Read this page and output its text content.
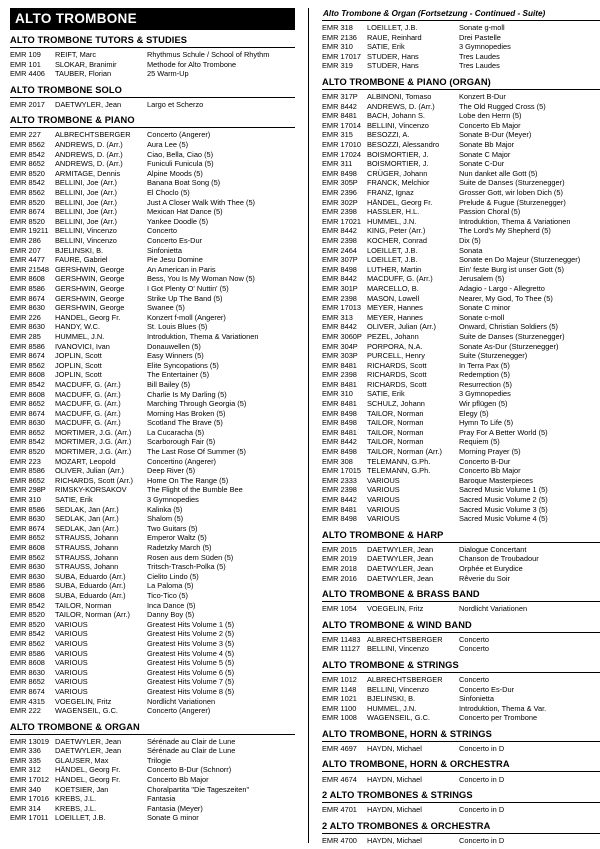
ALTO TROMBONE
ALTO TROMBONE TUTORS & STUDIES
EMR 109	REIFT, Marc	Rhythmus Schule / School of Rhythm
EMR 101	SLOKAR, Branimir	Methode for Alto Trombone
EMR 4406	TAUBER, Florian	25 Warm-Up
ALTO TROMBONE SOLO
EMR 2017	DAETWYLER, Jean	Largo et Scherzo
ALTO TROMBONE & PIANO
EMR 227	ALBRECHTSBERGER	Concerto (Angerer)
EMR 8562	ANDREWS, D. (Arr.)	Aura Lee (5)
EMR 8542	ANDREWS, D. (Arr.)	Ciao, Bella, Ciao (5)
EMR 8652	ANDREWS, D. (Arr.)	Funiculi Funicula (5)
EMR 8520	ARMITAGE, Dennis	Alpine Moods (5)
EMR 8542	BELLINI, Joe (Arr.)	Banana Boat Song (5)
EMR 8562	BELLINI, Joe (Arr.)	El Choclo (5)
EMR 8520	BELLINI, Joe (Arr.)	Just A Closer Walk With Thee (5)
EMR 8674	BELLINI, Joe (Arr.)	Mexican Hat Dance (5)
EMR 8520	BELLINI, Joe (Arr.)	Yankee Doodle (5)
EMR 19211	BELLINI, Vincenzo	Concerto
EMR 286	BELLINI, Vincenzo	Concerto Es-Dur
EMR 207	BJELINSKI, B.	Sinfonietta
EMR 4477	FAURE, Gabriel	Pie Jesu Domine
EMR 21548	GERSHWIN, George	An American in Paris
EMR 8608	GERSHWIN, George	Bess, You Is My Woman Now (5)
EMR 8586	GERSHWIN, George	I Got Plenty O' Nuttin' (5)
EMR 8674	GERSHWIN, George	Strike Up The Band (5)
EMR 8630	GERSHWIN, George	Swanee (5)
EMR 226	HANDEL, Georg Fr.	Konzert f-moll (Angerer)
EMR 8630	HANDY, W.C.	St. Louis Blues (5)
EMR 285	HUMMEL, J.N.	Introduktion, Thema & Variationen
EMR 8586	IVANOVICI, Ivan	Donauwellen (5)
EMR 8674	JOPLIN, Scott	Easy Winners (5)
EMR 8562	JOPLIN, Scott	Elite Syncopations (5)
EMR 8608	JOPLIN, Scott	The Entertainer (5)
EMR 8542	MACDUFF, G. (Arr.)	Bill Bailey (5)
EMR 8608	MACDUFF, G. (Arr.)	Charlie Is My Darling (5)
EMR 8652	MACDUFF, G. (Arr.)	Marching Through Georgia (5)
EMR 8674	MACDUFF, G. (Arr.)	Morning Has Broken (5)
EMR 8630	MACDUFF, G. (Arr.)	Scotland The Brave (5)
EMR 8652	MORTIMER, J.G. (Arr.)	La Cucaracha (5)
EMR 8542	MORTIMER, J.G. (Arr.)	Scarborough Fair (5)
EMR 8520	MORTIMER, J.G. (Arr.)	The Last Rose Of Summer (5)
EMR 223	MOZART, Leopold	Concertino (Angerer)
EMR 8586	OLIVER, Julian (Arr.)	Deep River (5)
EMR 8652	RICHARDS, Scott (Arr.)	Home On The Range (5)
EMR 298P	RIMSKY-KORSAKOV	The Flight of the Bumble Bee
EMR 310	SATIE, Erik	3 Gymnopedies
EMR 8586	SEDLAK, Jan (Arr.)	Kalinka (5)
EMR 8630	SEDLAK, Jan (Arr.)	Shalom (5)
EMR 8674	SEDLAK, Jan (Arr.)	Two Guitars (5)
EMR 8652	STRAUSS, Johann	Emperor Waltz (5)
EMR 8608	STRAUSS, Johann	Radetzky March (5)
EMR 8562	STRAUSS, Johann	Rosen aus dem Süden (5)
EMR 8630	STRAUSS, Johann	Tritsch-Trasch-Polka (5)
EMR 8630	SUBA, Eduardo (Arr.)	Cielito Lindo (5)
EMR 8586	SUBA, Eduardo (Arr.)	La Paloma (5)
EMR 8608	SUBA, Eduardo (Arr.)	Tico-Tico (5)
EMR 8542	TAILOR, Norman	Inca Dance (5)
EMR 8520	TAILOR, Norman (Arr.)	Danny Boy (5)
EMR 8520	VARIOUS	Greatest Hits Volume 1 (5)
EMR 8542	VARIOUS	Greatest Hits Volume 2 (5)
EMR 8562	VARIOUS	Greatest Hits Volume 3 (5)
EMR 8586	VARIOUS	Greatest Hits Volume 4 (5)
EMR 8608	VARIOUS	Greatest Hits Volume 5 (5)
EMR 8630	VARIOUS	Greatest Hits Volume 6 (5)
EMR 8652	VARIOUS	Greatest Hits Volume 7 (5)
EMR 8674	VARIOUS	Greatest Hits Volume 8 (5)
EMR 4315	VOEGELIN, Fritz	Nordlicht Variationen
EMR 222	WAGENSEIL, G.C.	Concerto (Angerer)
ALTO TROMBONE & ORGAN
EMR 13019	DAETWYLER, Jean	Sérénade au Clair de Lune
EMR 336	DAETWYLER, Jean	Sérénade au Clair de Lune
EMR 335	GLAUSER, Max	Trilogie
EMR 312	HÄNDEL, Georg Fr.	Concerto B-Dur (Schnorr)
EMR 17012	HÄNDEL, Georg Fr.	Concerto Bb Major
EMR 340	KOETSIER, Jan	Choralpartita "Die Tageszeiten"
EMR 17016	KREBS, J.L.	Fantasia
EMR 314	KREBS, J.L.	Fantasia (Meyer)
EMR 17011	LOEILLET, J.B.	Sonate G minor
Alto Trombone & Organ (Fortsetzung - Continued - Suite)
EMR 318	LOEILLET, J.B.	Sonate g-moll
EMR 2136	RAUE, Reinhard	Drei Pastelle
EMR 310	SATIE, Erik	3 Gymnopedies
EMR 17017	STUDER, Hans	Tres Laudes
EMR 319	STUDER, Hans	Tres Laudes
ALTO TROMBONE & PIANO (ORGAN)
EMR 317P	ALBINONI, Tomaso	Konzert B-Dur
EMR 8442	ANDREWS, D. (Arr.)	The Old Rugged Cross (5)
EMR 8481	BACH, Johann S.	Lobe den Herrn (5)
EMR 17014	BELLINI, Vincenzo	Concerto Eb Major
EMR 315	BESOZZI, A.	Sonate B-Dur (Meyer)
EMR 17010	BESOZZI, Alessandro	Sonate Bb Major
EMR 17024	BOISMORTIER, J.	Sonate C Major
EMR 311	BOISMORTIER, J.	Sonate C-Dur
EMR 8498	CRÜGER, Johann	Nun danket alle Gott (5)
EMR 305P	FRANCK, Melchior	Suite de Danses (Sturzenegger)
EMR 2396	FRANZ, Ignaz	Grosser Gott, wir loben Dich (5)
EMR 302P	HÄNDEL, Georg Fr.	Prelude & Fugue (Sturzenegger)
EMR 2398	HASSLER, H.L.	Passion Choral (5)
EMR 17021	HUMMEL, J.N.	Introduktion, Thema & Variationen
EMR 8442	KING, Peter (Arr.)	The Lord's My Shepherd (5)
EMR 2398	KOCHER, Conrad	Dix (5)
EMR 2464	LOEILLET, J.B.	Sonata
EMR 307P	LOEILLET, J.B.	Sonate en Do Majeur (Sturzenegger)
EMR 8498	LUTHER, Martin	Ein' feste Burg ist unser Gott (5)
EMR 8442	MACDUFF, G. (Arr.)	Jerusalem (5)
EMR 301P	MARCELLO, B.	Adagio - Largo - Allegretto
EMR 2398	MASON, Lowell	Nearer, My God, To Thee (5)
EMR 17013	MEYER, Hannes	Sonate C minor
EMR 313	MEYER, Hannes	Sonate c-moll
EMR 8442	OLIVER, Julian (Arr.)	Onward, Christian Soldiers (5)
EMR 3060P	PEZEL, Johann	Suite de Danses (Sturzenegger)
EMR 304P	PORPORA, N.A.	Sonate As-Dur (Sturzenegger)
EMR 303P	PURCELL, Henry	Suite (Sturzenegger)
EMR 8481	RICHARDS, Scott	In Terra Pax (5)
EMR 2398	RICHARDS, Scott	Redemption (5)
EMR 8481	RICHARDS, Scott	Resurrection (5)
EMR 310	SATIE, Erik	3 Gymnopedies
EMR 8481	SCHULZ, Johann	Wir pflügen (5)
EMR 8498	TAILOR, Norman	Elegy (5)
EMR 8498	TAILOR, Norman	Hymn To Life (5)
EMR 8481	TAILOR, Norman	Pray For A Better World (5)
EMR 8442	TAILOR, Norman	Requiem (5)
EMR 8498	TAILOR, Norman (Arr.)	Morning Prayer (5)
EMR 308	TELEMANN, G.Ph.	Concerto B-Dur
EMR 17015	TELEMANN, G.Ph.	Concerto Bb Major
EMR 2333	VARIOUS	Baroque Masterpieces
EMR 2398	VARIOUS	Sacred Music Volume 1 (5)
EMR 8442	VARIOUS	Sacred Music Volume 2 (5)
EMR 8481	VARIOUS	Sacred Music Volume 3 (5)
EMR 8498	VARIOUS	Sacred Music Volume 4 (5)
ALTO TROMBONE & HARP
EMR 2015	DAETWYLER, Jean	Dialogue Concertant
EMR 2019	DAETWYLER, Jean	Chanson de Troubadour
EMR 2018	DAETWYLER, Jean	Orphée et Eurydice
EMR 2016	DAETWYLER, Jean	Rêverie du Soir
ALTO TROMBONE & BRASS BAND
EMR 1054	VOEGELIN, Fritz	Nordlicht Variationen
ALTO TROMBONE & WIND BAND
EMR 11483	ALBRECHTSBERGER	Concerto
EMR 11127	BELLINI, Vincenzo	Concerto
ALTO TROMBONE & STRINGS
EMR 1012	ALBRECHTSBERGER	Concerto
EMR 1148	BELLINI, Vincenzo	Concerto Es-Dur
EMR 1021	BJELINSKI, B.	Sinfonietta
EMR 1100	HUMMEL, J.N.	Introduktion, Thema & Var.
EMR 1008	WAGENSEIL, G.C.	Concerto per Trombone
ALTO TROMBONE, HORN & STRINGS
EMR 4697	HAYDN, Michael	Concerto in D
ALTO TROMBONE, HORN & ORCHESTRA
EMR 4674	HAYDN, Michael	Concerto in D
2 ALTO TROMBONES & STRINGS
EMR 4701	HAYDN, Michael	Concerto in D
2 ALTO TROMBONES & ORCHESTRA
EMR 4700	HAYDN, Michael	Concerto in D
